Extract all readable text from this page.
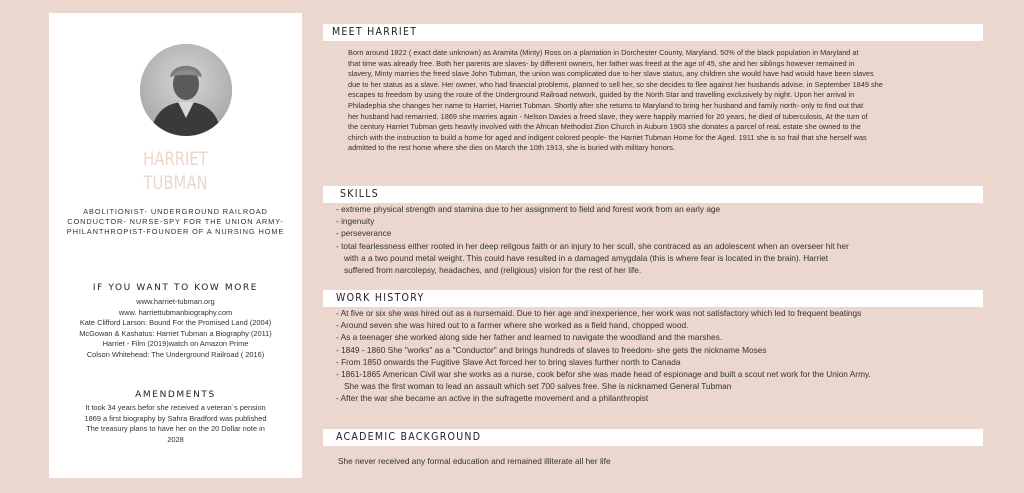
HARRIET
TUBMAN
ABOLITIONIST- UNDERGROUND RAILROAD
CONDUCTOR- NURSE-SPY FOR THE UNION ARMY-
PHILANTHROPIST-FOUNDER OF A NURSING HOME
IF YOU WANT TO KOW MORE
www.harriet-tubman.org
www. harriettubmanbiography.com
Kate Clifford Larson: Bound For the Promised Land (2004)
McGowan & Kashatus: Harriet Tubman a Biography (2011)
Harriet - Film (2019)watch on Amazon Prime
Colson Whitehead: The Underground Railroad ( 2016)
AMENDMENTS
It took 34 years befor she received a veteran´s pension
1869 a first biography by Sahra Bradford was published
The treasury plans to have her on the 20 Dollar note in
2028
MEET HARRIET
Born around 1822 ( exact date unknown) as Aramita (Minty) Ross on a plantation in Dorchester County, Maryland. 50% of the black population in Maryland at
that time was already free. Both her parents are slaves- by different owners, her father was freed at the age of 45, she and her siblings however remained in
slavery, Minty marries the freed slave John Tubman, the union was complicated due to her slave status, any children she would have had would have been slaves
due to her status as a slave. Her owner, who had financial problems, planned to sell her, so she decides to flee against her husbands advise. in September 1849 she
escapes to freedom by using the route of the Underground Railroad network, guided by the North Star and travelling exclusively by night. Upon her arrival in
Philadephia she changes her name to Harriet, Harriet Tubman. Shortly after she returns to Maryland to bring her husband and family north- only to find out that
her husband had remarried. 1869 she marries again - Nelson Davies a freed slave, they were happily married for 20 years, he died of tuberculosis, At the turn of
the century Harriet Tubman gets heavily involved with the African Methodist Zion Church in Auburn 1903 she donates a parcel of reaL estate she owned to the
chirch with the instruction to build a home for aged and indigent colored people- the Harriet Tubman Home for the Aged. 1911 she is so frail that she herself was
admitted to the rest home where she dies on March the 10th 1913, she is buried with military honors.
SKILLS
- extreme physical strength and stamina due to her assignment to field and forest work from an early age
- ingenuity
- perseverance
- total fearlessness either rooted in her deep religous faith or an injury to her scull, she contraced as an adolescent when an overseer hit her
with a a two pound metal weight. This could have resulted in a damaged amygdala (this is where fear is located in the brain). Harriet
suffered from narcolepsy, headaches, and (religious) vision for the rest of her life.
WORK HISTORY
- At five or six she was hired out as a nursemaid. Due to her age and inexperience, her work was not satisfactory which led to frequent beatings
- Around seven she was hired out to a farmer where she worked as a field hand, chopped wood.
- As a teenager she worked along side her father and learned to navigate the woodland and the marshes.
- 1849 - 1860 She "works" as a "Conductor" and brings hundreds of slaves to freedom- she gets the nickname Moses
- From 1850 onwards the Fugitive Slave Act forced her to bring slaves further north to Canada
- 1861-1865 American Civil war she works as a nurse, cook befor she was made head of espionage and built a scout net work for the Union Army.
She was the first woman to lead an assault which set 700 salves free. She is nicknamed General Tubman
- After the war she became an active in the sufragette movement and a philanthropist
ACADEMIC BACKGROUND
She never received any formal education and remained illiterate all her life
